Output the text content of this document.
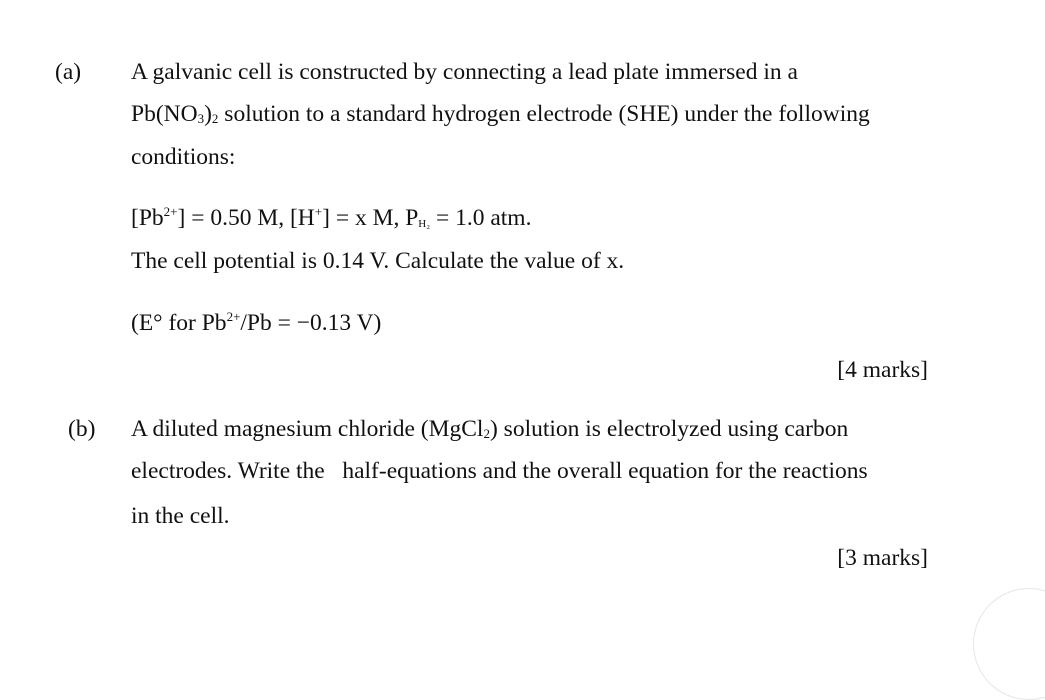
(a) A galvanic cell is constructed by connecting a lead plate immersed in a
$Pb(NO_3)_2$ solution to a standard hydrogen electrode (SHE) under the following
conditions:
$[Pb^{2+}] = 0.50$ M, [H+] = x M, $P_{H_2} = 1.0$ atm.
The cell potential is 0.14 V. Calculate the value of x.
(E° for $Pb^{2+}/Pb = -0.13$ V)
[4 marks]
(b) A diluted magnesium chloride (MgCl$_2$) solution is electrolyzed using carbon
electrodes. Write the   half-equations and the overall equation for the reactions
in the cell.
[3 marks]
